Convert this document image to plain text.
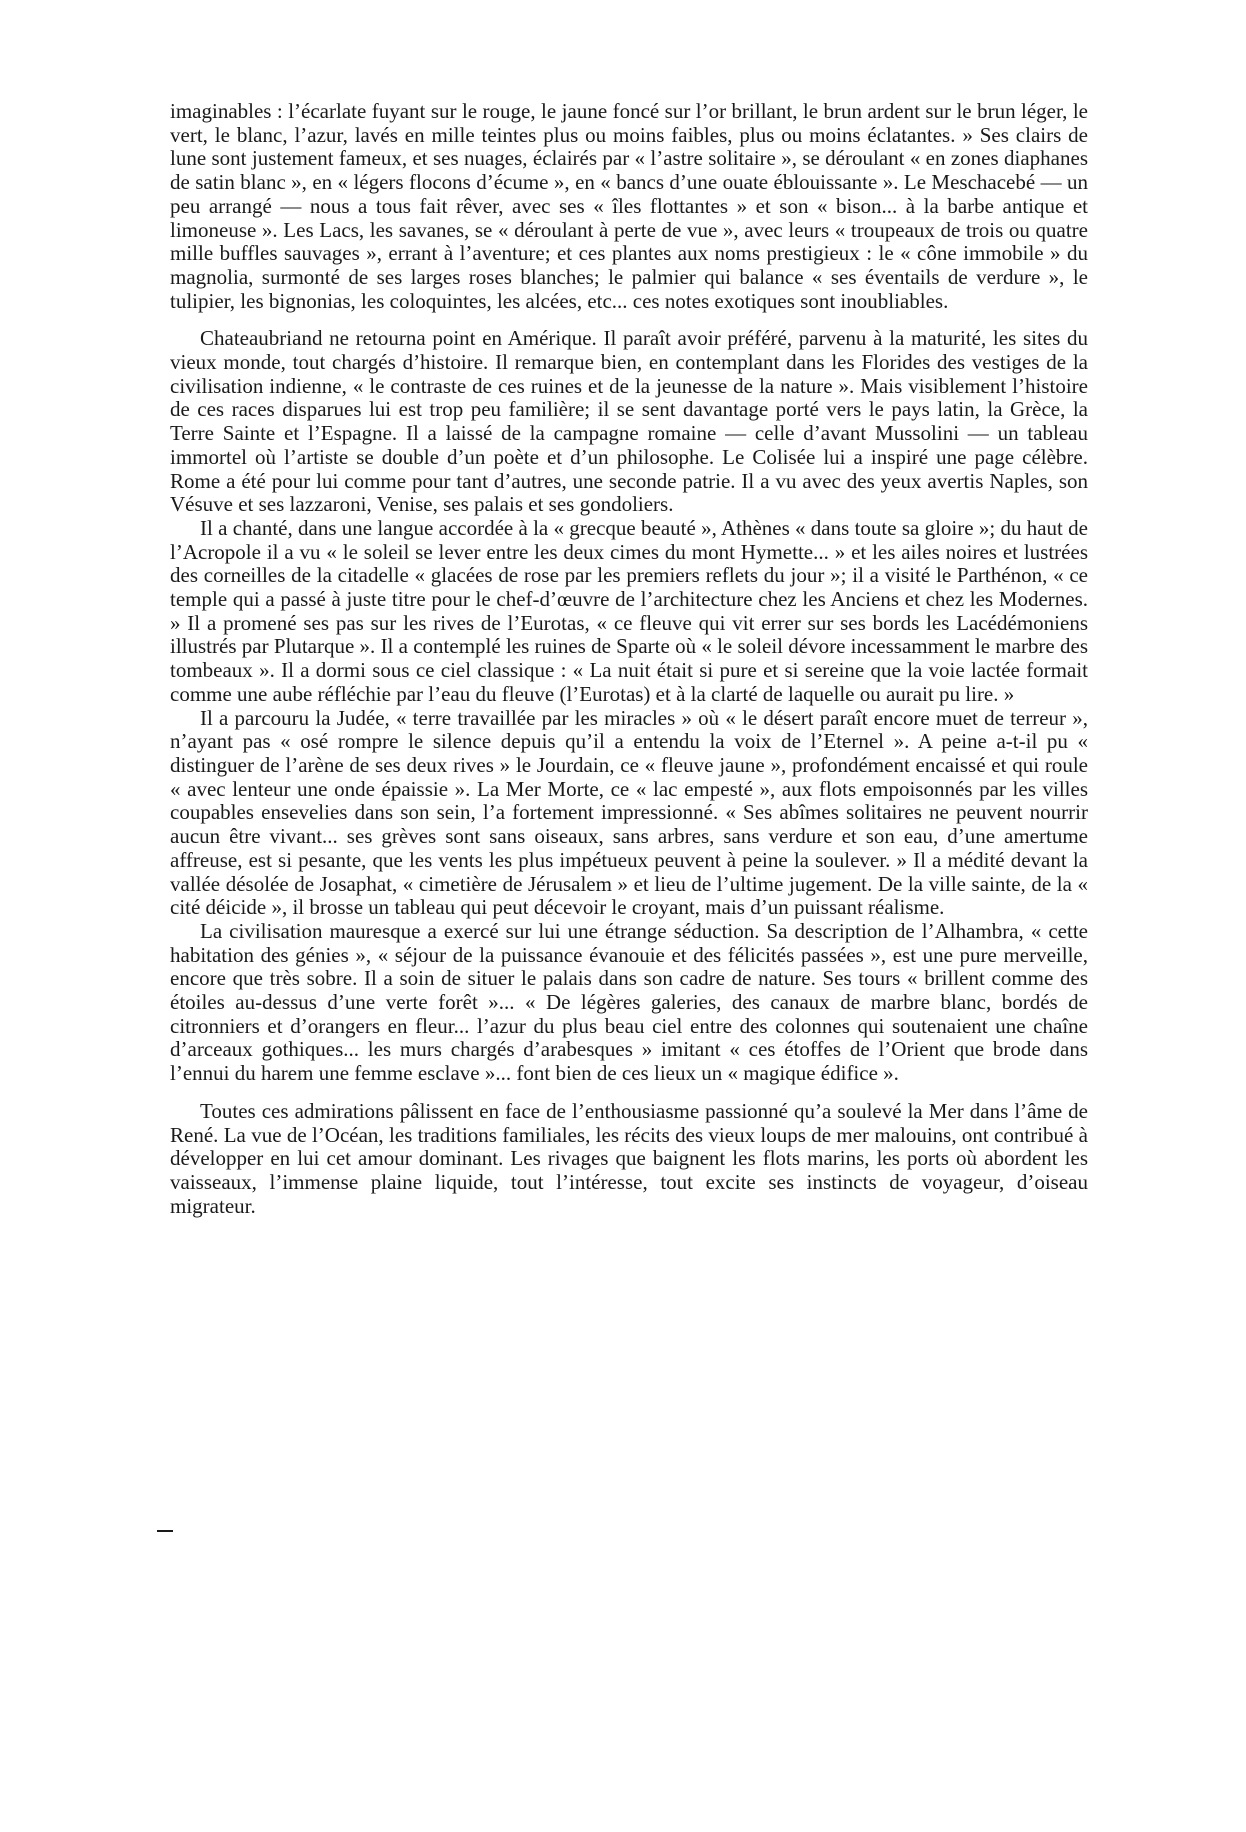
imaginables : l’écarlate fuyant sur le rouge, le jaune foncé sur l’or brillant, le brun ardent sur le brun léger, le vert, le blanc, l’azur, lavés en mille teintes plus ou moins faibles, plus ou moins éclatantes. » Ses clairs de lune sont justement fameux, et ses nuages, éclairés par « l’astre solitaire », se déroulant « en zones diaphanes de satin blanc », en « légers flocons d’écume », en « bancs d’une ouate éblouissante ». Le Meschacebé — un peu arrangé — nous a tous fait rêver, avec ses « îles flottantes » et son « bison... à la barbe antique et limoneuse ». Les Lacs, les savanes, se « déroulant à perte de vue », avec leurs « troupeaux de trois ou quatre mille buffles sauvages », errant à l’aventure; et ces plantes aux noms prestigieux : le « cône immobile » du magnolia, surmonté de ses larges roses blanches; le palmier qui balance « ses éventails de verdure », le tulipier, les bignonias, les coloquintes, les alcées, etc... ces notes exotiques sont inoubliables.

Chateaubriand ne retourna point en Amérique. Il paraît avoir préféré, parvenu à la maturité, les sites du vieux monde, tout chargés d’histoire. Il remarque bien, en contemplant dans les Florides des vestiges de la civilisation indienne, « le contraste de ces ruines et de la jeunesse de la nature ». Mais visiblement l’histoire de ces races disparues lui est trop peu familière; il se sent davantage porté vers le pays latin, la Grèce, la Terre Sainte et l’Espagne. Il a laissé de la campagne romaine — celle d’avant Mussolini — un tableau immortel où l’artiste se double d’un poète et d’un philosophe. Le Colisée lui a inspiré une page célèbre. Rome a été pour lui comme pour tant d’autres, une seconde patrie. Il a vu avec des yeux avertis Naples, son Vésuve et ses lazzaroni, Venise, ses palais et ses gondoliers.

Il a chanté, dans une langue accordée à la « grecque beauté », Athènes « dans toute sa gloire »; du haut de l’Acropole il a vu « le soleil se lever entre les deux cimes du mont Hymette... » et les ailes noires et lustrées des corneilles de la citadelle « glacées de rose par les premiers reflets du jour »; il a visité le Parthénon, « ce temple qui a passé à juste titre pour le chef-d’œuvre de l’architecture chez les Anciens et chez les Modernes. » Il a promené ses pas sur les rives de l’Eurotas, « ce fleuve qui vit errer sur ses bords les Lacédémoniens illustrés par Plutarque ». Il a contemplé les ruines de Sparte où « le soleil dévore incessamment le marbre des tombeaux ». Il a dormi sous ce ciel classique : « La nuit était si pure et si sereine que la voie lactée formait comme une aube réfléchie par l’eau du fleuve (l’Eurotas) et à la clarté de laquelle ou aurait pu lire. »

Il a parcouru la Judée, « terre travaillée par les miracles » où « le désert paraît encore muet de terreur », n’ayant pas « osé rompre le silence depuis qu’il a entendu la voix de l’Eternel ». A peine a-t-il pu « distinguer de l’arène de ses deux rives » le Jourdain, ce « fleuve jaune », profondément encaissé et qui roule « avec lenteur une onde épaissie ». La Mer Morte, ce « lac empesté », aux flots empoisonnés par les villes coupables ensevelies dans son sein, l’a fortement impressionné. « Ses abîmes solitaires ne peuvent nourrir aucun être vivant... ses grèves sont sans oiseaux, sans arbres, sans verdure et son eau, d’une amertume affreuse, est si pesante, que les vents les plus impétueux peuvent à peine la soulever. » Il a médité devant la vallée désolée de Josaphat, « cimetière de Jérusalem » et lieu de l’ultime jugement. De la ville sainte, de la « cité déicide », il brosse un tableau qui peut décevoir le croyant, mais d’un puissant réalisme.

La civilisation mauresque a exercé sur lui une étrange séduction. Sa description de l’Alhambra, « cette habitation des génies », « séjour de la puissance évanouie et des félicités passées », est une pure merveille, encore que très sobre. Il a soin de situer le palais dans son cadre de nature. Ses tours « brillent comme des étoiles au-dessus d’une verte forêt »... « De légères galeries, des canaux de marbre blanc, bordés de citronniers et d’orangers en fleur... l’azur du plus beau ciel entre des colonnes qui soutenaient une chaîne d’arceaux gothiques... les murs chargés d’arabesques » imitant « ces étoffes de l’Orient que brode dans l’ennui du harem une femme esclave »... font bien de ces lieux un « magique édifice ».

Toutes ces admirations pâlissent en face de l’enthousiasme passionné qu’a soulevé la Mer dans l’âme de René. La vue de l’Océan, les traditions familiales, les récits des vieux loups de mer malouins, ont contribué à développer en lui cet amour dominant. Les rivages que baignent les flots marins, les ports où abordent les vaisseaux, l’immense plaine liquide, tout l’intéresse, tout excite ses instincts de voyageur, d’oiseau migrateur.
